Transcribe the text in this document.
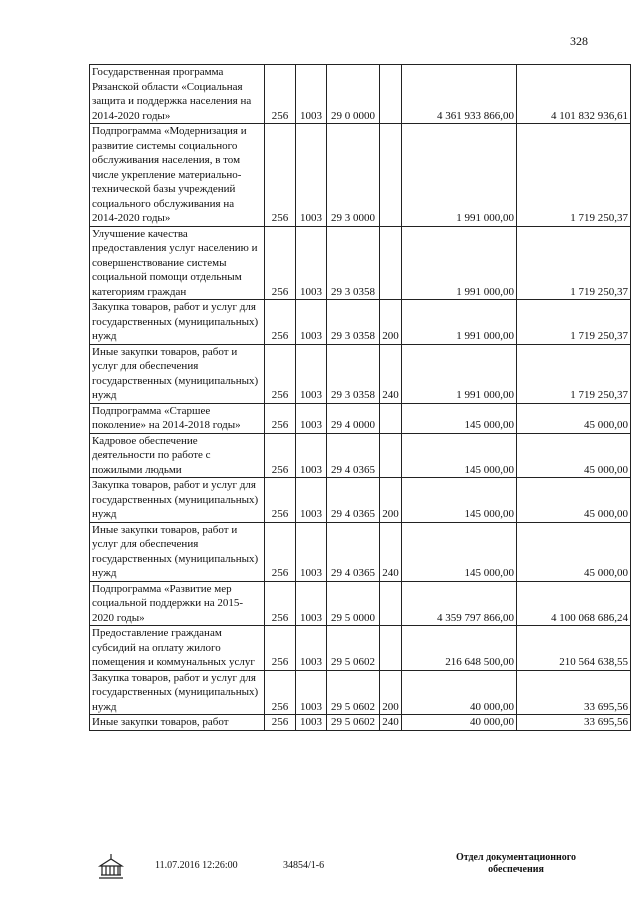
328
Государственная программа Рязанской области «Социальная защита и поддержка населения на 2014-2020 годы»	256	1003	29 0 0000		4 361 933 866,00	4 101 832 936,61
Подпрограмма «Модернизация и развитие системы социального обслуживания населения, в том числе укрепление материально-технической базы учреждений социального обслуживания на 2014-2020 годы»	256	1003	29 3 0000		1 991 000,00	1 719 250,37
Улучшение качества предоставления услуг населению и совершенствование системы социальной помощи отдельным категориям граждан	256	1003	29 3 0358		1 991 000,00	1 719 250,37
Закупка товаров, работ и услуг для государственных (муниципальных) нужд	256	1003	29 3 0358	200	1 991 000,00	1 719 250,37
Иные закупки товаров, работ и услуг для обеспечения государственных (муниципальных) нужд	256	1003	29 3 0358	240	1 991 000,00	1 719 250,37
Подпрограмма «Старшее поколение» на 2014-2018 годы»	256	1003	29 4 0000		145 000,00	45 000,00
Кадровое обеспечение деятельности по работе с пожилыми людьми	256	1003	29 4 0365		145 000,00	45 000,00
Закупка товаров, работ и услуг для государственных (муниципальных) нужд	256	1003	29 4 0365	200	145 000,00	45 000,00
Иные закупки товаров, работ и услуг для обеспечения государственных (муниципальных) нужд	256	1003	29 4 0365	240	145 000,00	45 000,00
Подпрограмма «Развитие мер социальной поддержки на 2015-2020 годы»	256	1003	29 5 0000		4 359 797 866,00	4 100 068 686,24
Предоставление гражданам субсидий на оплату жилого помещения и коммунальных услуг	256	1003	29 5 0602		216 648 500,00	210 564 638,55
Закупка товаров, работ и услуг для государственных (муниципальных) нужд	256	1003	29 5 0602	200	40 000,00	33 695,56
Иные закупки товаров, работ	256	1003	29 5 0602	240	40 000,00	33 695,56
11.07.2016 12:26:00	34854/1-6
Отдел документационного
обеспечения
